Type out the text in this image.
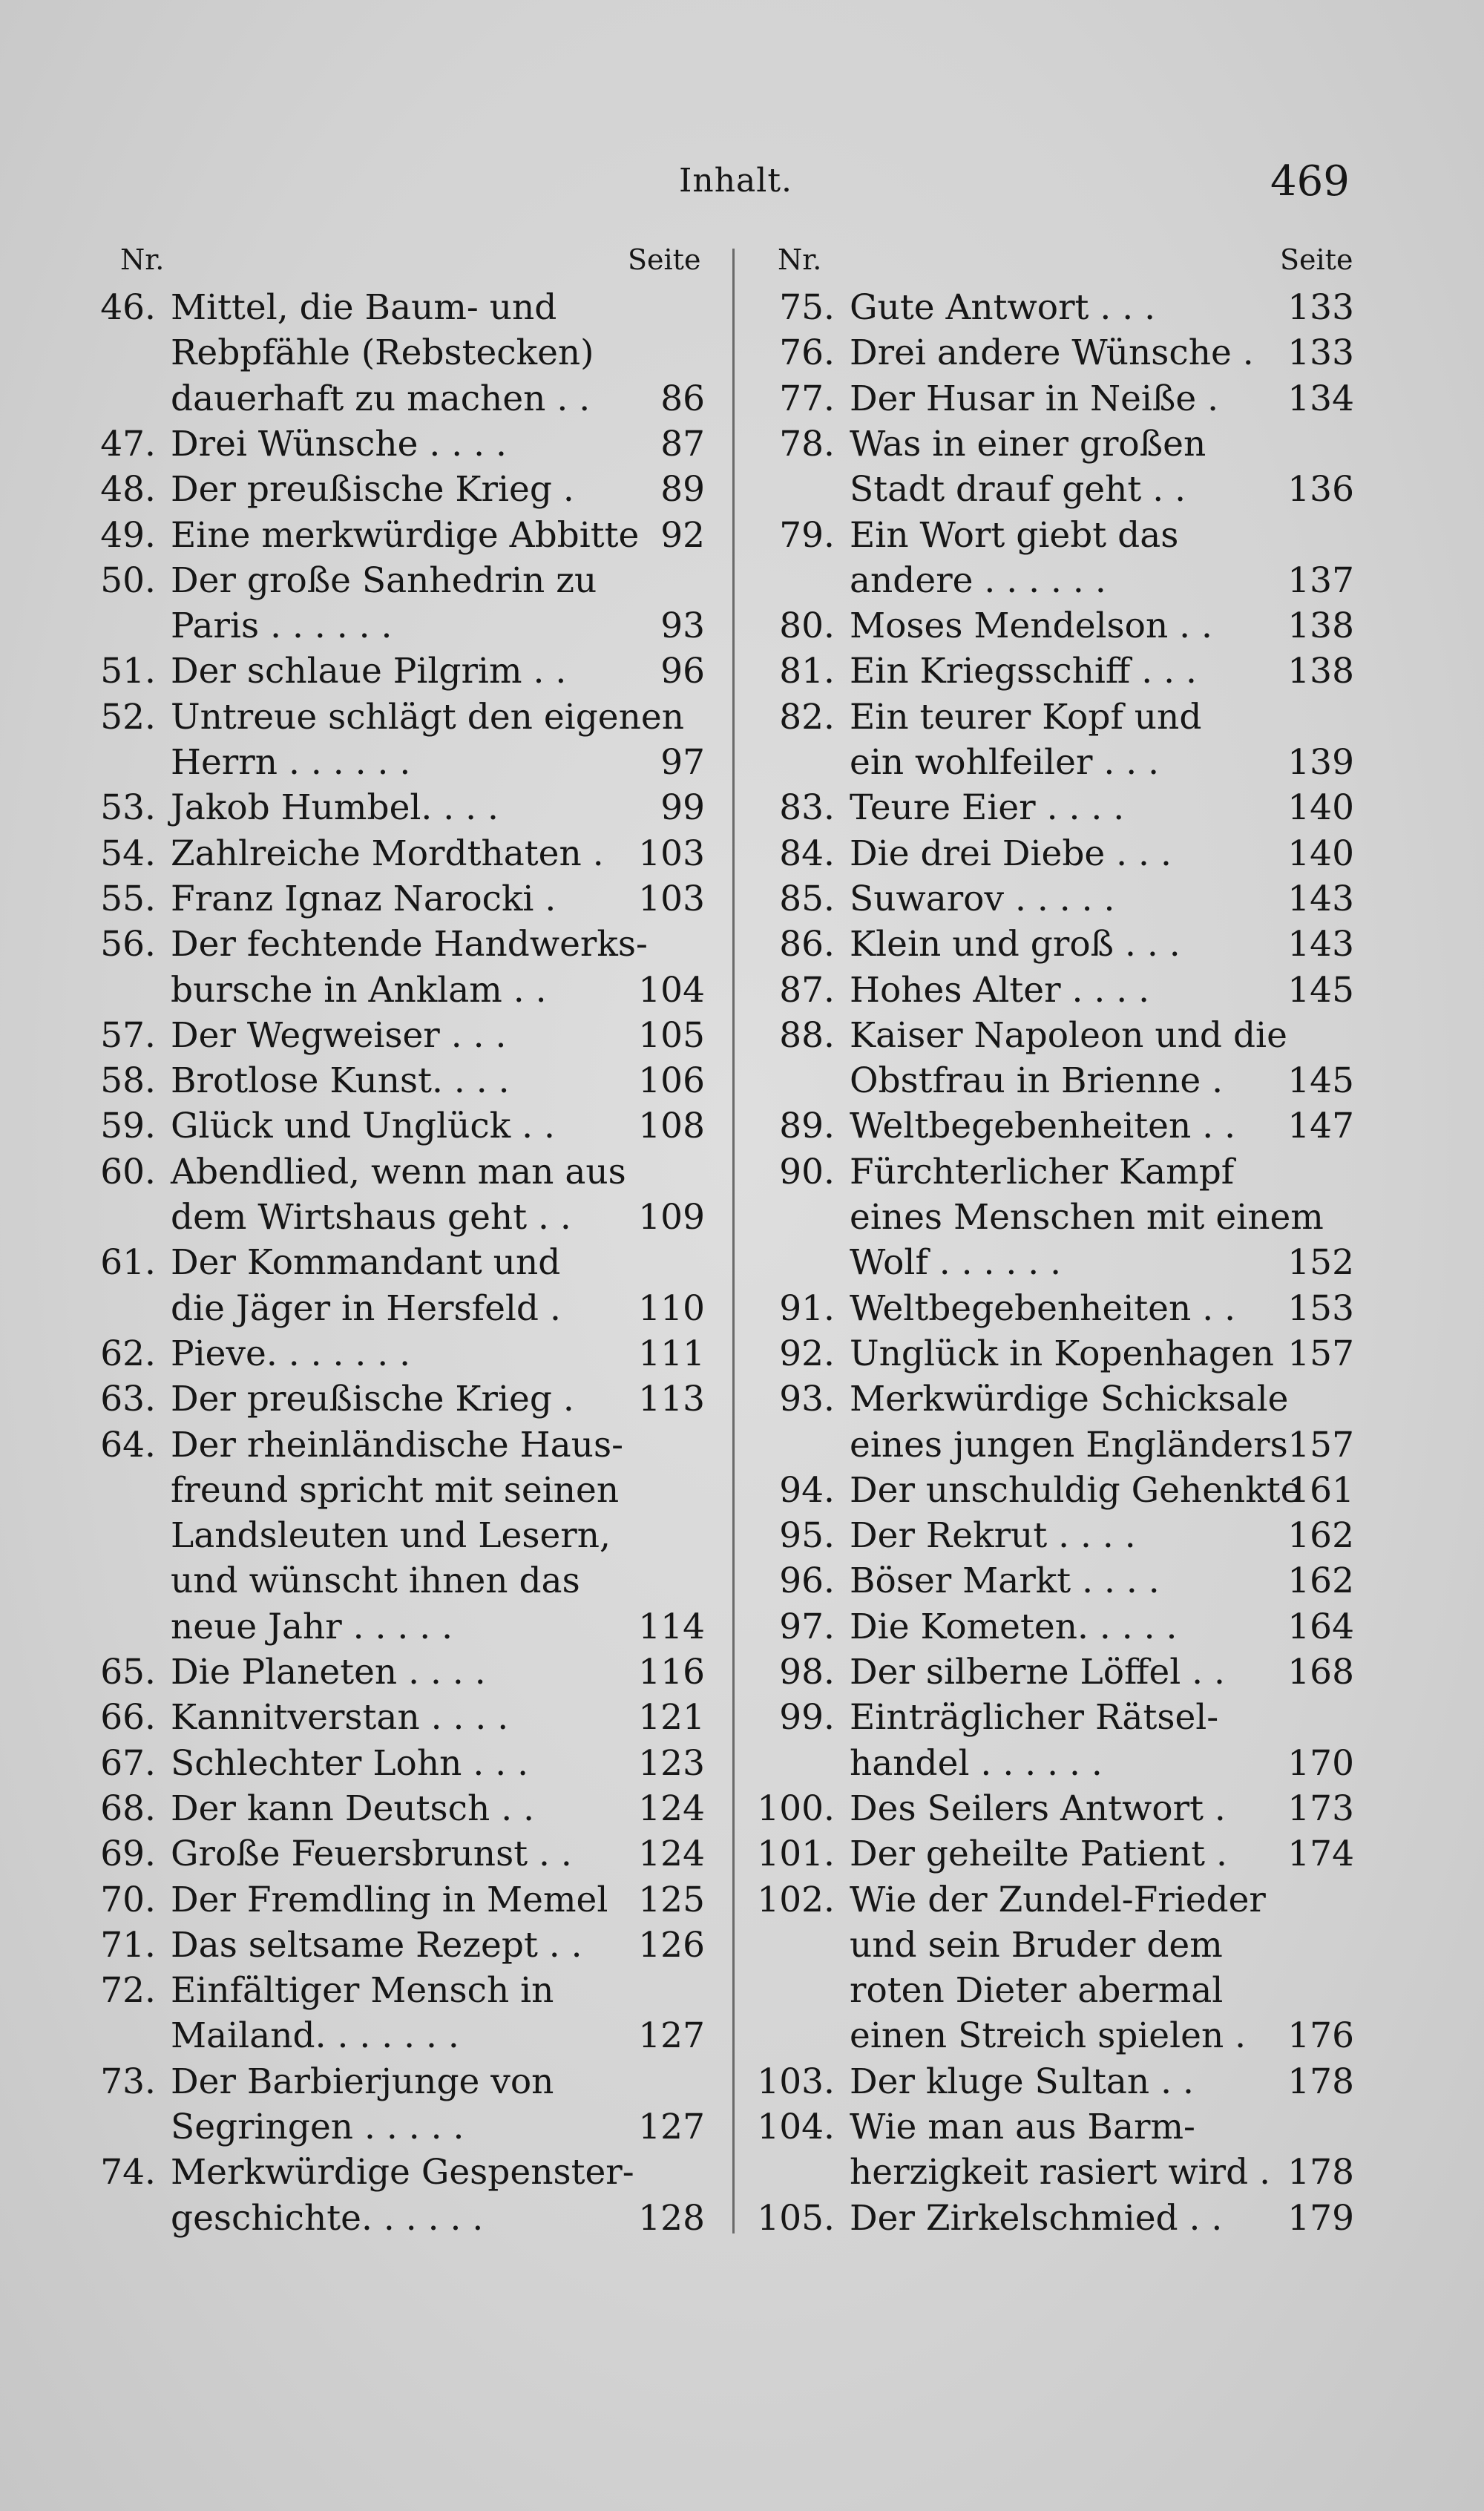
Inhalt.	469
Nr.	Seite	Nr.	Seite
46. Mittel, die Baum- und
Rebpfähle (Rebstecken)
dauerhaft zu machen . .	86
47. Drei Wünsche . . . .	87
48. Der preußische Krieg .	89
49. Eine merkwürdige Abbitte 92
50. Der große Sanhedrin zu
Paris . . . . . .	93
51. Der schlaue Pilgrim . .	96
52. Untreue schlägt den eigenen
Herrn . . . . . .	97
53. Jakob Humbel. . . .	99
54. Zahlreiche Mordthaten . 103
55. Franz Ignaz Narocki .	103
56. Der fechtende Handwerks-
bursche in Anklam . .	104
57. Der Wegweiser . . .	105
58. Brotlose Kunst. . . .	106
59. Glück und Unglück . .	108
60. Abendlied, wenn man aus
dem Wirtshaus geht . .	109
61. Der Kommandant und
die Jäger in Hersfeld .	110
62. Pieve. . . . . . .	111
63. Der preußische Krieg .	113
64. Der rheinländische Haus-
freund spricht mit seinen
Landsleuten und Lesern,
und wünscht ihnen das
neue Jahr . . . . .	114
65. Die Planeten . . . .	116
66. Kannitverstan . . . .	121
67. Schlechter Lohn . . .	123
68. Der kann Deutsch . .	124
69. Große Feuersbrunst . .	124
70. Der Fremdling in Memel 125
71. Das seltsame Rezept . . 126
72. Einfältiger Mensch in
Mailand. . . . . . .	127
73. Der Barbierjunge von
Segringen . . . . .	127
74. Merkwürdige Gespenster-
geschichte. . . . . .	128
75. Gute Antwort . . .	133
76. Drei andere Wünsche . 133
77. Der Husar in Neiße .	134
78. Was in einer großen
Stadt drauf geht . .	136
79. Ein Wort giebt das
andere . . . . . .	137
80. Moses Mendelson . .	138
81. Ein Kriegsschiff . . .	138
82. Ein teurer Kopf und
ein wohlfeiler . . .	139
83. Teure Eier . . . .	140
84. Die drei Diebe . . .	140
85. Suwarov . . . . .	143
86. Klein und groß . . .	143
87. Hohes Alter . . . .	145
88. Kaiser Napoleon und die
Obstfrau in Brienne .	145
89. Weltbegebenheiten . .	147
90. Fürchterlicher Kampf
eines Menschen mit einem
Wolf . . . . . .	152
91. Weltbegebenheiten . .	153
92. Unglück in Kopenhagen 157
93. Merkwürdige Schicksale
eines jungen Engländers 157
94. Der unschuldig Gehenkte
161
95. Der Rekrut . . . .	162
96. Böser Markt . . . .	162
97. Die Kometen. . . . .	164
98. Der silberne Löffel . .	168
99. Einträglicher Rätsel-
handel . . . . . .	170
100. Des Seilers Antwort .	173
101. Der geheilte Patient .	174
102. Wie der Zundel-Frieder
und sein Bruder dem
roten Dieter abermal
einen Streich spielen . 176
103. Der kluge Sultan . .	178
104. Wie man aus Barm-
herzigkeit rasiert wird . 178
105. Der Zirkelschmied . .	179
